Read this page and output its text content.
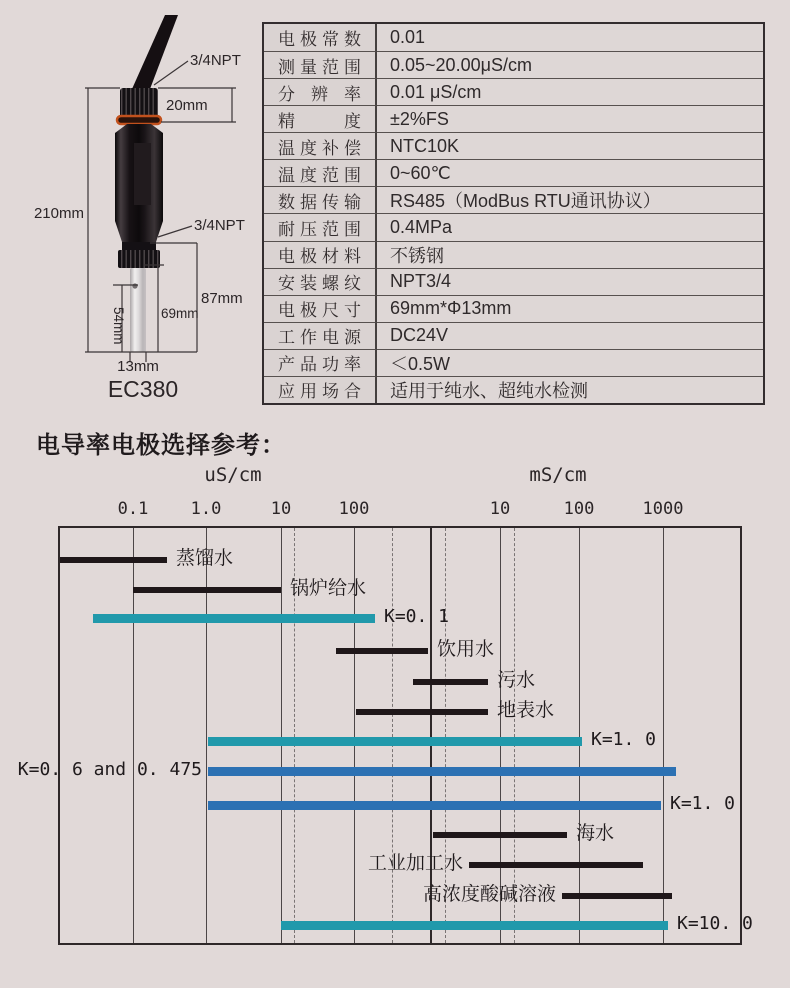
3/4NPT
20mm
210mm
3/4NPT
87mm
69mm
54mm
13mm
EC380
电极常数	0.01
测量范围	0.05~20.00μS/cm
分 辨 率	0.01 μS/cm
精　度	±2%FS
温度补偿	NTC10K
温度范围	0~60℃
数据传输	RS485（ModBus RTU通讯协议）
耐压范围	0.4MPa
电极材料	不锈钢
安装螺纹	NPT3/4
电极尺寸	69mm*Φ13mm
工作电源	DC24V
产品功率	＜0.5W
应用场合	适用于纯水、超纯水检测
电导率电极选择参考：
uS/cm	mS/cm
0.1 1.0	10	100	10	100	1000
蒸馏水
锅炉给水
K=0. 1
饮用水
污水
地表水
K=1. 0
K=0. 6 and 0. 475
K=1. 0
海水
工业加工水
高浓度酸碱溶液
K=10. 0
